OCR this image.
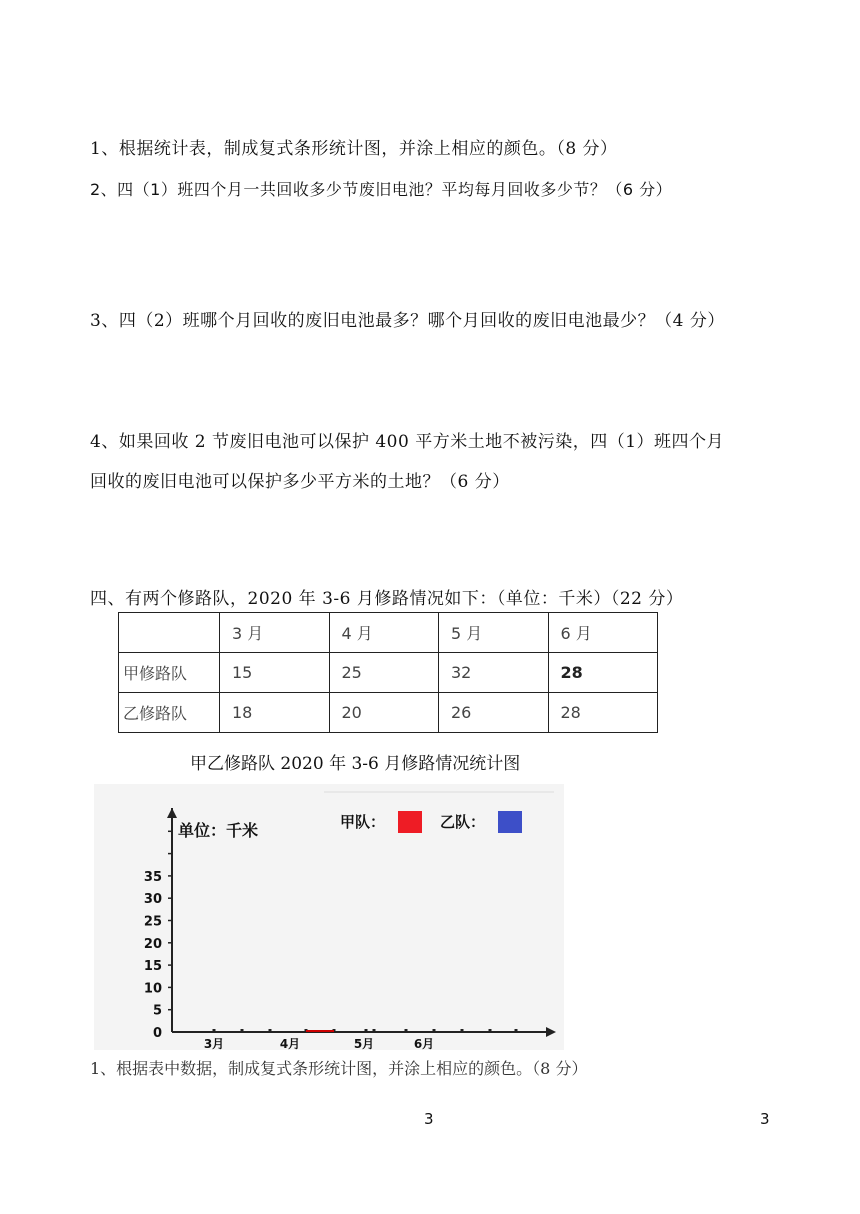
1、根据统计表，制成复式条形统计图，并涂上相应的颜色。（8 分）
2、四（1）班四个月一共回收多少节废旧电池？平均每月回收多少节？（6 分）
3、四（2）班哪个月回收的废旧电池最多？哪个月回收的废旧电池最少？（4 分）
4、如果回收 2 节废旧电池可以保护 400 平方米土地不被污染，四（1）班四个月
回收的废旧电池可以保护多少平方米的土地？（6 分）
四、有两个修路队，2020 年 3-6 月修路情况如下：（单位：千米）（22 分）
	3 月	4 月	5 月	6 月
甲修路队	15	25	32	28
乙修路队	18	20	26	28
甲乙修路队 2020 年 3-6 月修路情况统计图
单位：千米
0
5
10
15
20
25
30
35
3月	4月	5月	6月
甲队：	乙队：
1、根据表中数据，制成复式条形统计图，并涂上相应的颜色。（8 分）
3	3
